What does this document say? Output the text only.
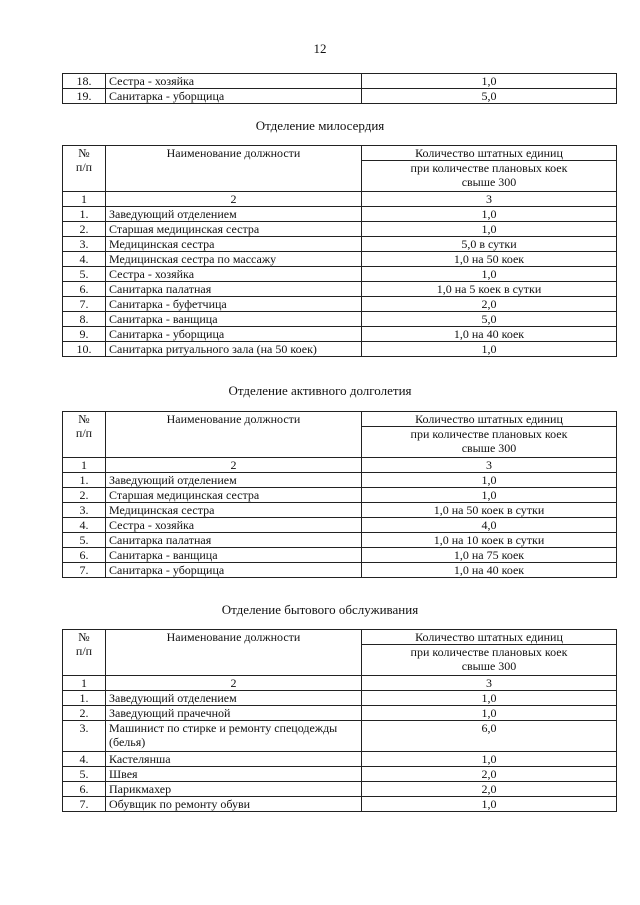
12
18.	Сестра - хозяйка	1,0
19.	Санитарка - уборщица	5,0
Отделение милосердия
№
п/п	Наименование должности	Количество штатных единиц
		при количестве плановых коек
свыше 300
1	2	3
1.	Заведующий отделением	1,0
2.	Старшая медицинская сестра	1,0
3.	Медицинская сестра	5,0 в сутки
4.	Медицинская сестра по массажу	1,0 на 50 коек
5.	Сестра - хозяйка	1,0
6.	Санитарка палатная	1,0 на 5 коек в сутки
7.	Санитарка - буфетчица	2,0
8.	Санитарка - ванщица	5,0
9.	Санитарка - уборщица	1,0 на 40 коек
10.	Санитарка ритуального зала (на 50 коек)	1,0
Отделение активного долголетия
№
п/п	Наименование должности	Количество штатных единиц
		при количестве плановых коек
свыше 300
1	2	3
1.	Заведующий отделением	1,0
2.	Старшая медицинская сестра	1,0
3.	Медицинская сестра	1,0 на 50 коек в сутки
4.	Сестра - хозяйка	4,0
5.	Санитарка палатная	1,0 на 10 коек в сутки
6.	Санитарка - ванщица	1,0 на 75 коек
7.	Санитарка - уборщица	1,0 на 40 коек
Отделение бытового обслуживания
№
п/п	Наименование должности	Количество штатных единиц
		при количестве плановых коек
свыше 300
1	2	3
1.	Заведующий отделением	1,0
2.	Заведующий прачечной	1,0
3.	Машинист по стирке и ремонту спецодежды (белья)	6,0
4.	Кастелянша	1,0
5.	Швея	2,0
6.	Парикмахер	2,0
7.	Обувщик по ремонту обуви	1,0
